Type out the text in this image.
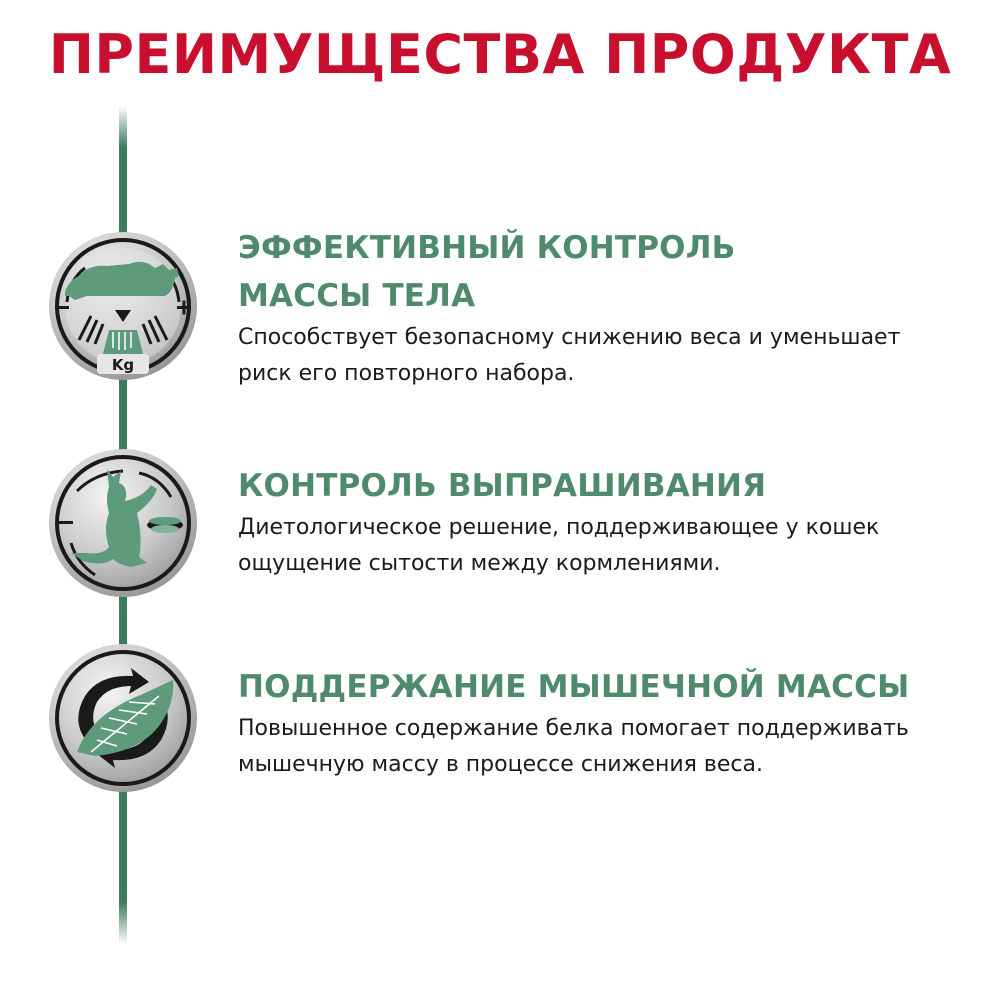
ПРЕИМУЩЕСТВА ПРОДУКТА
Kg
ЭФФЕКТИВНЫЙ КОНТРОЛЬ
МАССЫ ТЕЛА
Способствует безопасному снижению веса и уменьшает
риск его повторного набора.
КОНТРОЛЬ ВЫПРАШИВАНИЯ
Диетологическое решение, поддерживающее у кошек
ощущение сытости между кормлениями.
ПОДДЕРЖАНИЕ МЫШЕЧНОЙ МАССЫ
Повышенное содержание белка помогает поддерживать
мышечную массу в процессе снижения веса.
